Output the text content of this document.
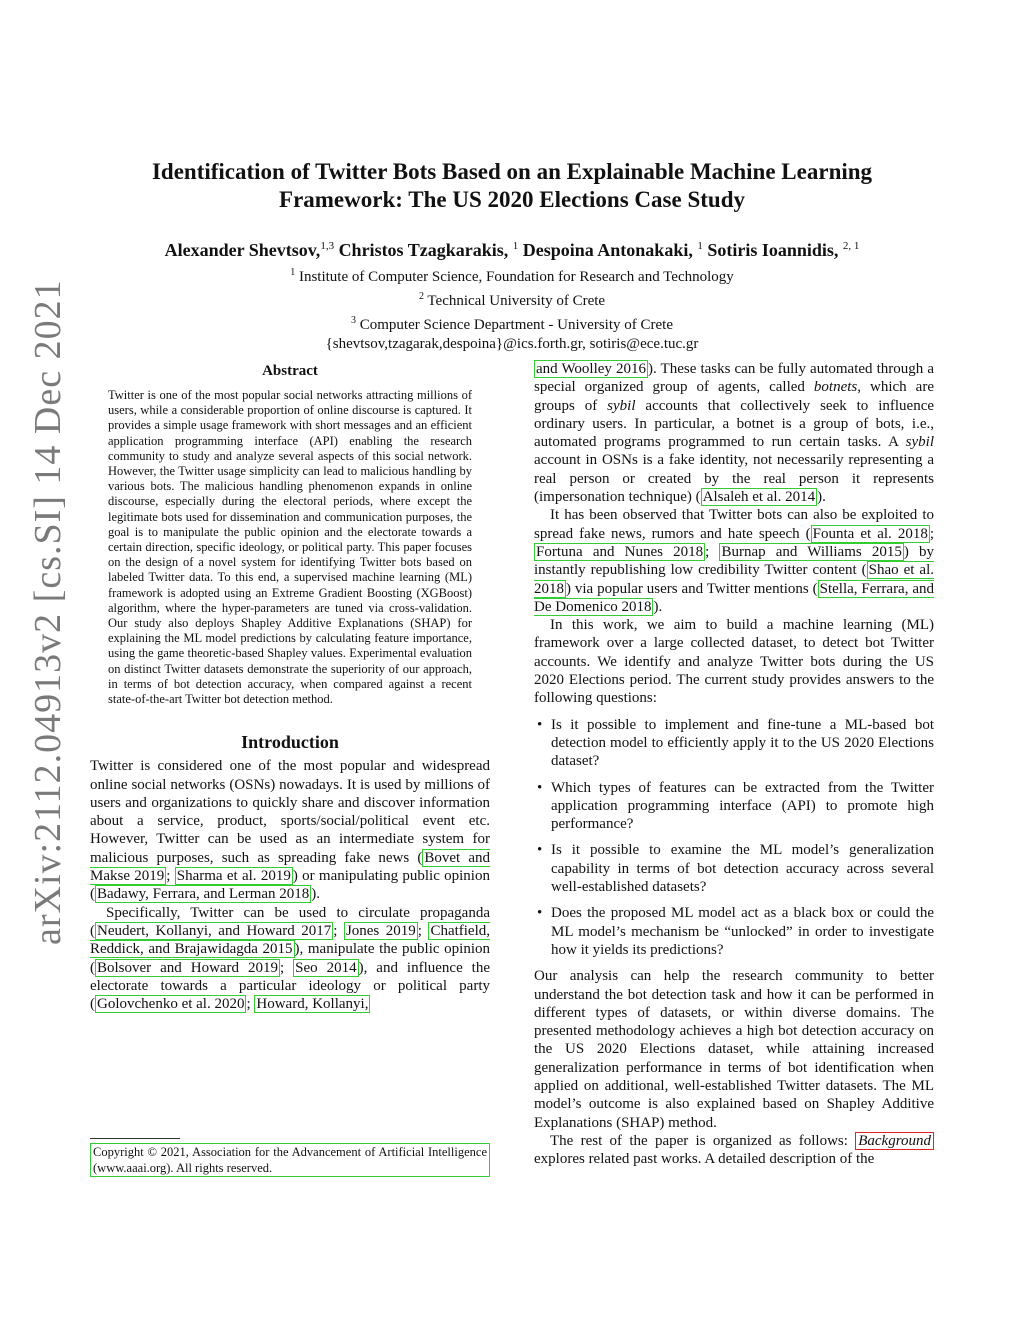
arXiv:2112.04913v2 [cs.SI] 14 Dec 2021
Identification of Twitter Bots Based on an Explainable Machine Learning Framework: The US 2020 Elections Case Study
Alexander Shevtsov,$^{1,3}$ Christos Tzagkarakis, $^1$ Despoina Antonakaki, $^1$ Sotiris Ioannidis, $^{2, 1}$
$^1$ Institute of Computer Science, Foundation for Research and Technology
$^2$ Technical University of Crete
$^3$ Computer Science Department - University of Crete
{shevtsov,tzagarak,despoina}@ics.forth.gr, sotiris@ece.tuc.gr
Abstract

Twitter is one of the most popular social networks attracting millions of users, while a considerable proportion of online discourse is captured. It provides a simple usage framework with short messages and an efficient application programming interface (API) enabling the research community to study and analyze several aspects of this social network. However, the Twitter usage simplicity can lead to malicious handling by various bots. The malicious handling phenomenon expands in online discourse, especially during the electoral periods, where except the legitimate bots used for dissemination and communication purposes, the goal is to manipulate the public opinion and the electorate towards a certain direction, specific ideology, or political party. This paper focuses on the design of a novel system for identifying Twitter bots based on labeled Twitter data. To this end, a supervised machine learning (ML) framework is adopted using an Extreme Gradient Boosting (XGBoost) algorithm, where the hyper-parameters are tuned via cross-validation. Our study also deploys Shapley Additive Explanations (SHAP) for explaining the ML model predictions by calculating feature importance, using the game theoretic-based Shapley values. Experimental evaluation on distinct Twitter datasets demonstrate the superiority of our approach, in terms of bot detection accuracy, when compared against a recent state-of-the-art Twitter bot detection method.

Introduction

Twitter is considered one of the most popular and widespread online social networks (OSNs) nowadays. It is used by millions of users and organizations to quickly share and discover information about a service, product, sports/social/political event etc. However, Twitter can be used as an intermediate system for malicious purposes, such as spreading fake news ( Bovet and Makse 2019 ; Sharma et al. 2019 ) or manipulating public opinion ( Badawy, Ferrara, and Lerman 2018 ).

Specifically, Twitter can be used to circulate propaganda ( Neudert, Kollanyi, and Howard 2017 ; Jones 2019 ; Chatfield, Reddick, and Brajawidagda 2015 ), manipulate the public opinion ( Bolsover and Howard 2019 ; Seo 2014 ), and influence the electorate towards a particular ideology or political party ( Golovchenko et al. 2020 ; Howard, Kollanyi,

Copyright © 2021, Association for the Advancement of Artificial Intelligence (www.aaai.org). All rights reserved.

and Woolley 2016 ). These tasks can be fully automated through a special organized group of agents, called botnets, which are groups of sybil accounts that collectively seek to influence ordinary users. In particular, a botnet is a group of bots, i.e., automated programs programmed to run certain tasks. A sybil account in OSNs is a fake identity, not necessarily representing a real person or created by the real person it represents (impersonation technique) ( Alsaleh et al. 2014 ).

It has been observed that Twitter bots can also be exploited to spread fake news, rumors and hate speech ( Founta et al. 2018 ; Fortuna and Nunes 2018 ; Burnap and Williams 2015 ) by instantly republishing low credibility Twitter content ( Shao et al. 2018 ) via popular users and Twitter mentions ( Stella, Ferrara, and De Domenico 2018 ).

In this work, we aim to build a machine learning (ML) framework over a large collected dataset, to detect bot Twitter accounts. We identify and analyze Twitter bots during the US 2020 Elections period. The current study provides answers to the following questions:

• Is it possible to implement and fine-tune a ML-based bot detection model to efficiently apply it to the US 2020 Elections dataset?
• Which types of features can be extracted from the Twitter application programming interface (API) to promote high performance?
• Is it possible to examine the ML model’s generalization capability in terms of bot detection accuracy across several well-established datasets?
• Does the proposed ML model act as a black box or could the ML model’s mechanism be “unlocked” in order to investigate how it yields its predictions?

Our analysis can help the research community to better understand the bot detection task and how it can be performed in different types of datasets, or within diverse domains. The presented methodology achieves a high bot detection accuracy on the US 2020 Elections dataset, while attaining increased generalization performance in terms of bot identification when applied on additional, well-established Twitter datasets. The ML model’s outcome is also explained based on Shapley Additive Explanations (SHAP) method.

The rest of the paper is organized as follows: Background explores related past works. A detailed description of the
